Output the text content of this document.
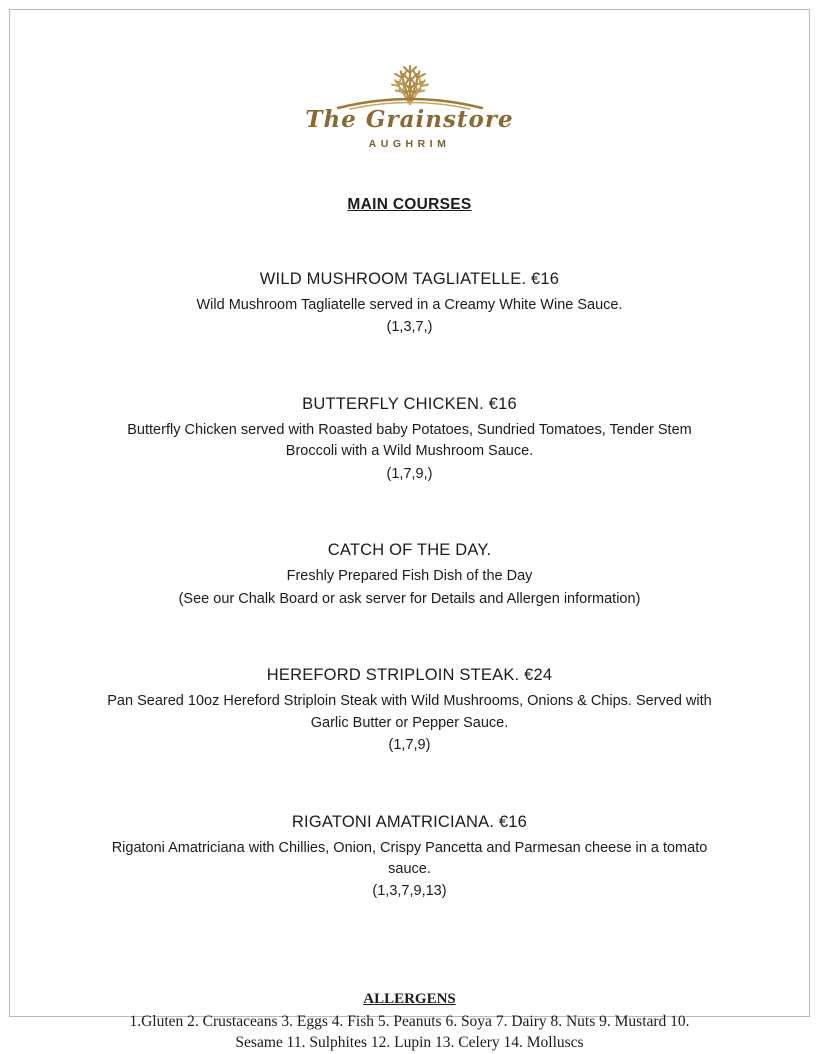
The Grainstore
AUGHRIM
MAIN COURSES
WILD MUSHROOM TAGLIATELLE. €16
Wild Mushroom Tagliatelle served in a Creamy White Wine Sauce.
(1,3,7,)
BUTTERFLY CHICKEN. €16
Butterfly Chicken served with Roasted baby Potatoes, Sundried Tomatoes, Tender Stem Broccoli with a Wild Mushroom Sauce.
(1,7,9,)
CATCH OF THE DAY.
Freshly Prepared Fish Dish of the Day
(See our Chalk Board or ask server for Details and Allergen information)
HEREFORD STRIPLOIN STEAK. €24
Pan Seared 10oz Hereford Striploin Steak with Wild Mushrooms, Onions & Chips. Served with Garlic Butter or Pepper Sauce.
(1,7,9)
RIGATONI AMATRICIANA. €16
Rigatoni Amatriciana with Chillies, Onion, Crispy Pancetta and Parmesan cheese in a tomato sauce.
(1,3,7,9,13)
ALLERGENS
1.Gluten 2. Crustaceans 3. Eggs 4. Fish 5. Peanuts 6. Soya 7. Dairy 8. Nuts 9. Mustard 10. Sesame 11. Sulphites 12. Lupin 13. Celery 14. Molluscs
